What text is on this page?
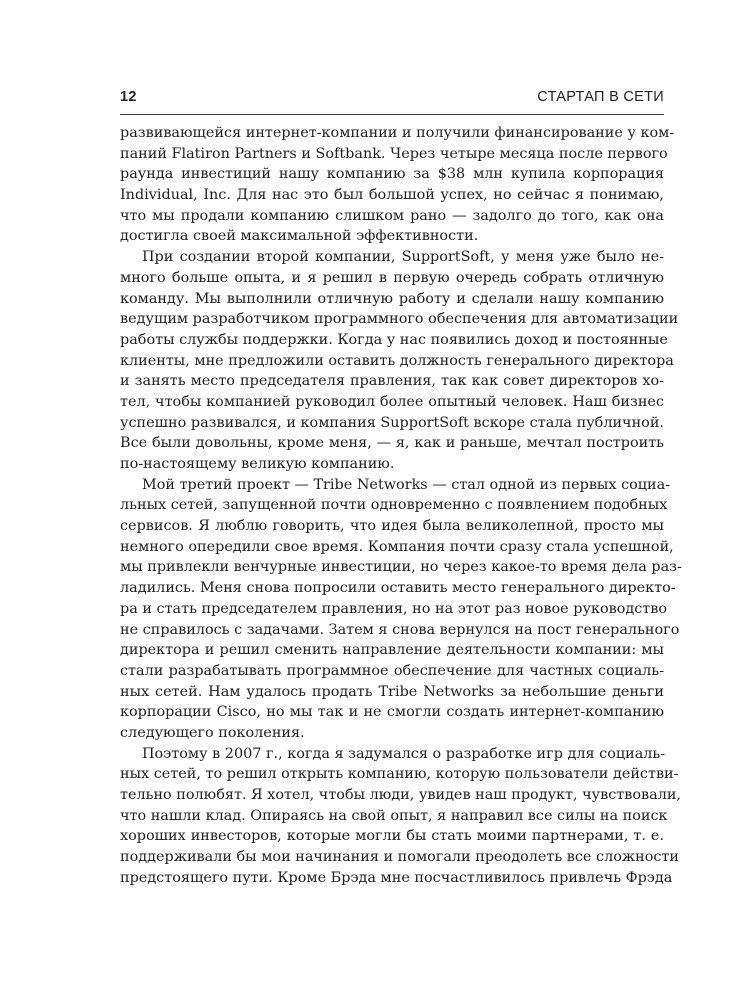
12	СТАРТАП В СЕТИ
развивающейся интернет-компании и получили финансирование у ком-
паний Flatiron Partners и Softbank. Через четыре месяца после первого
раунда инвестиций нашу компанию за $38 млн купила корпорация
Individual, Inc. Для нас это был большой успех, но сейчас я понимаю,
что мы продали компанию слишком рано — задолго до того, как она
достигла своей максимальной эффективности.
При создании второй компании, SupportSoft, у меня уже было не-
много больше опыта, и я решил в первую очередь собрать отличную
команду. Мы выполнили отличную работу и сделали нашу компанию
ведущим разработчиком программного обеспечения для автоматизации
работы службы поддержки. Когда у нас появились доход и постоянные
клиенты, мне предложили оставить должность генерального директора
и занять место председателя правления, так как совет директоров хо-
тел, чтобы компанией руководил более опытный человек. Наш бизнес
успешно развивался, и компания SupportSoft вскоре стала публичной.
Все были довольны, кроме меня, — я, как и раньше, мечтал построить
по-настоящему великую компанию.
Мой третий проект — Tribe Networks — стал одной из первых социа-
льных сетей, запущенной почти одновременно с появлением подобных
сервисов. Я люблю говорить, что идея была великолепной, просто мы
немного опередили свое время. Компания почти сразу стала успешной,
мы привлекли венчурные инвестиции, но через какое-то время дела раз-
ладились. Меня снова попросили оставить место генерального директо-
ра и стать председателем правления, но на этот раз новое руководство
не справилось с задачами. Затем я снова вернулся на пост генерального
директора и решил сменить направление деятельности компании: мы
стали разрабатывать программное обеспечение для частных социаль-
ных сетей. Нам удалось продать Tribe Networks за небольшие деньги
корпорации Cisco, но мы так и не смогли создать интернет-компанию
следующего поколения.
Поэтому в 2007 г., когда я задумался о разработке игр для социаль-
ных сетей, то решил открыть компанию, которую пользователи действи-
тельно полюбят. Я хотел, чтобы люди, увидев наш продукт, чувствовали,
что нашли клад. Опираясь на свой опыт, я направил все силы на поиск
хороших инвесторов, которые могли бы стать моими партнерами, т. е.
поддерживали бы мои начинания и помогали преодолеть все сложности
предстоящего пути. Кроме Брэда мне посчастливилось привлечь Фрэда
